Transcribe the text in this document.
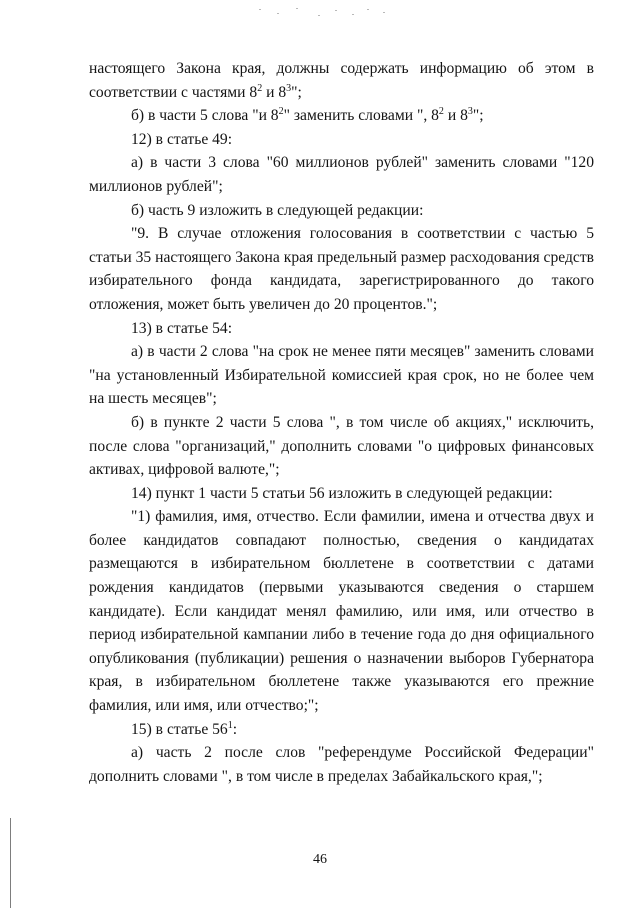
настоящего Закона края, должны содержать информацию об этом в соответствии с частями $8^2$ и $8^3$";

б) в части 5 слова "и $8^2$" заменить словами ", $8^2$ и $8^3$";

12) в статье 49:

а) в части 3 слова "60 миллионов рублей" заменить словами "120 миллионов рублей";

б) часть 9 изложить в следующей редакции:

"9. В случае отложения голосования в соответствии с частью 5 статьи 35 настоящего Закона края предельный размер расходования средств избирательного фонда кандидата, зарегистрированного до такого отложения, может быть увеличен до 20 процентов.";

13) в статье 54:

а) в части 2 слова "на срок не менее пяти месяцев" заменить словами "на установленный Избирательной комиссией края срок, но не более чем на шесть месяцев";

б) в пункте 2 части 5 слова ", в том числе об акциях," исключить, после слова "организаций," дополнить словами "о цифровых финансовых активах, цифровой валюте,";

14) пункт 1 части 5 статьи 56 изложить в следующей редакции:

"1) фамилия, имя, отчество. Если фамилии, имена и отчества двух и более кандидатов совпадают полностью, сведения о кандидатах размещаются в избирательном бюллетене в соответствии с датами рождения кандидатов (первыми указываются сведения о старшем кандидате). Если кандидат менял фамилию, или имя, или отчество в период избирательной кампании либо в течение года до дня официального опубликования (публикации) решения о назначении выборов Губернатора края, в избирательном бюллетене также указываются его прежние фамилия, или имя, или отчество;";

15) в статье $56^1$:

а) часть 2 после слов "референдуме Российской Федерации" дополнить словами ", в том числе в пределах Забайкальского края,";

46
